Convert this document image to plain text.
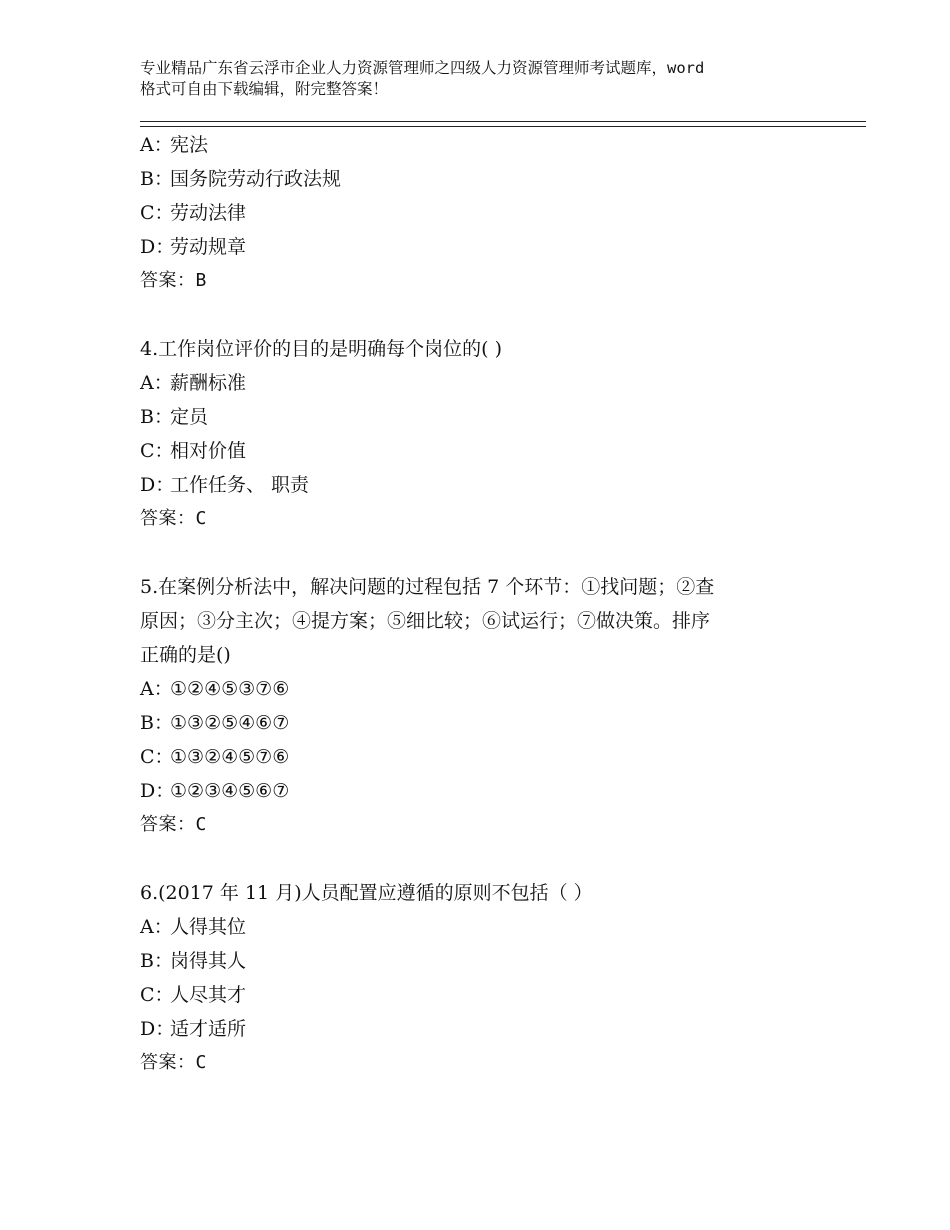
专业精品广东省云浮市企业人力资源管理师之四级人力资源管理师考试题库，word
格式可自由下载编辑，附完整答案！
A：宪法
B：国务院劳动行政法规
C：劳动法律
D：劳动规章
答案：B
4.工作岗位评价的目的是明确每个岗位的( )
A：薪酬标准
B：定员
C：相对价值
D：工作任务、 职责
答案：C
5.在案例分析法中，解决问题的过程包括 7 个环节：①找问题；②查
原因；③分主次；④提方案；⑤细比较；⑥试运行；⑦做决策。排序
正确的是()
A：①②④⑤③⑦⑥
B：①③②⑤④⑥⑦
C：①③②④⑤⑦⑥
D：①②③④⑤⑥⑦
答案：C
6.(2017 年 11 月)人员配置应遵循的原则不包括（ ）
A：人得其位
B：岗得其人
C：人尽其才
D：适才适所
答案：C
